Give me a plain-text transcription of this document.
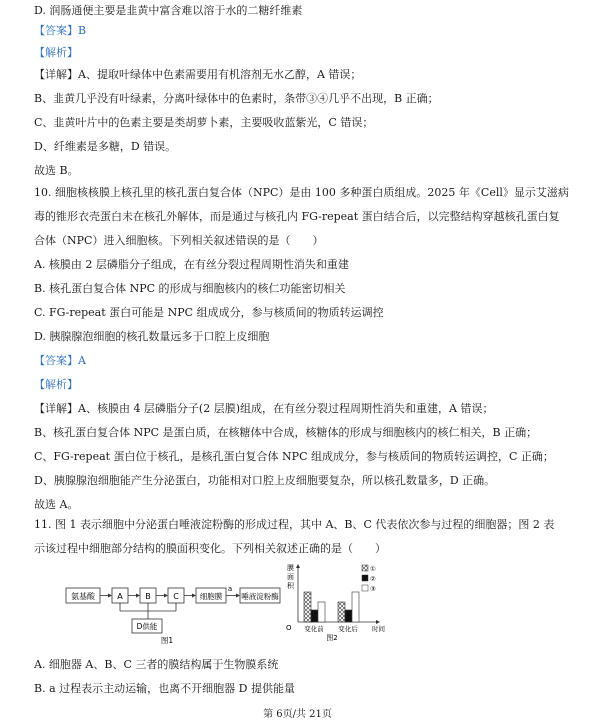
D. 润肠通便主要是韭黄中富含难以溶于水的二糖纤维素
【答案】B
【解析】
【详解】A、提取叶绿体中色素需要用有机溶剂无水乙醇，A 错误；
B、韭黄几乎没有叶绿素，分离叶绿体中的色素时，条带③④几乎不出现，B 正确；
C、韭黄叶片中的色素主要是类胡萝卜素，主要吸收蓝紫光，C 错误；
D、纤维素是多糖，D 错误。
故选 B。
10. 细胞核核膜上核孔里的核孔蛋白复合体（NPC）是由 100 多种蛋白质组成。2025 年《Cell》显示艾滋病
毒的锥形衣壳蛋白未在核孔外解体，而是通过与核孔内 FG-repeat 蛋白结合后，以完整结构穿越核孔蛋白复
合体（NPC）进入细胞核。下列相关叙述错误的是（　　）
A. 核膜由 2 层磷脂分子组成，在有丝分裂过程周期性消失和重建
B. 核孔蛋白复合体 NPC 的形成与细胞核内的核仁功能密切相关
C. FG-repeat 蛋白可能是 NPC 组成成分，参与核质间的物质转运调控
D. 胰腺腺泡细胞的核孔数量远多于口腔上皮细胞
【答案】A
【解析】
【详解】A、核膜由 4 层磷脂分子(2 层膜)组成，在有丝分裂过程周期性消失和重建，A 错误；
B、核孔蛋白复合体 NPC 是蛋白质，在核糖体中合成，核糖体的形成与细胞核内的核仁相关，B 正确；
C、FG-repeat 蛋白位于核孔，是核孔蛋白复合体 NPC 组成成分，参与核质间的物质转运调控，C 正确；
D、胰腺腺泡细胞能产生分泌蛋白，功能相对口腔上皮细胞要复杂，所以核孔数量多，D 正确。
故选 A。
11. 图 1 表示细胞中分泌蛋白唾液淀粉酶的形成过程，其中 A、B、C 代表依次参与过程的细胞器；图 2 表
示该过程中细胞部分结构的膜面积变化。下列相关叙述正确的是（　　）
A. 细胞器 A、B、C 三者的膜结构属于生物膜系统
B. a 过程表示主动运输，也离不开细胞器 D 提供能量
氨基酸	A	B	C	细胞膜
a
唾液淀粉酶
D供能
图1
膜
面
积
O 变化前 变化后 时间
图2
①
②
③
第 6页/共 21页
